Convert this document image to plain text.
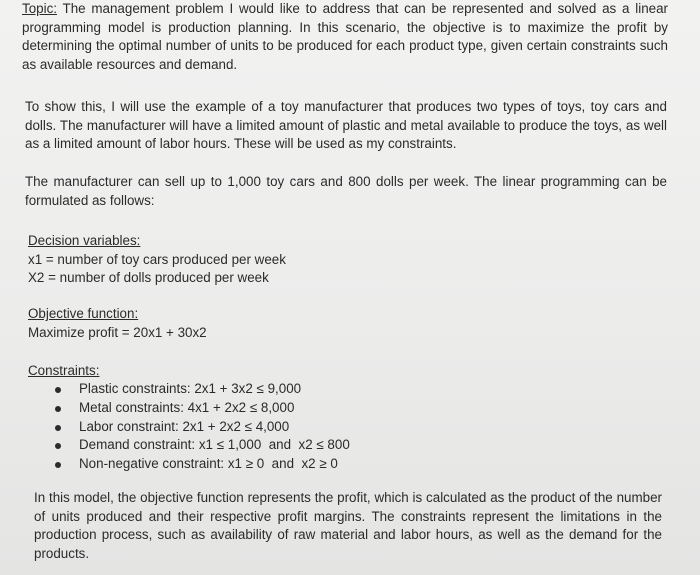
Topic: The management problem I would like to address that can be represented and solved as a linear programming model is production planning. In this scenario, the objective is to maximize the profit by determining the optimal number of units to be produced for each product type, given certain constraints such as available resources and demand.

To show this, I will use the example of a toy manufacturer that produces two types of toys, toy cars and dolls. The manufacturer will have a limited amount of plastic and metal available to produce the toys, as well as a limited amount of labor hours. These will be used as my constraints.

The manufacturer can sell up to 1,000 toy cars and 800 dolls per week. The linear programming can be formulated as follows:

Decision variables:
x1 = number of toy cars produced per week
X2 = number of dolls produced per week
Objective function:
Maximize profit = 20x1 + 30x2
Constraints:
Plastic constraints: 2x1 + 3x2 ≤ 9,000
Metal constraints: 4x1 + 2x2 ≤ 8,000
Labor constraint: 2x1 + 2x2 ≤ 4,000
Demand constraint: x1 ≤ 1,000  and  x2 ≤ 800
Non-negative constraint: x1 ≥ 0  and  x2 ≥ 0

In this model, the objective function represents the profit, which is calculated as the product of the number of units produced and their respective profit margins. The constraints represent the limitations in the production process, such as availability of raw material and labor hours, as well as the demand for the products.
